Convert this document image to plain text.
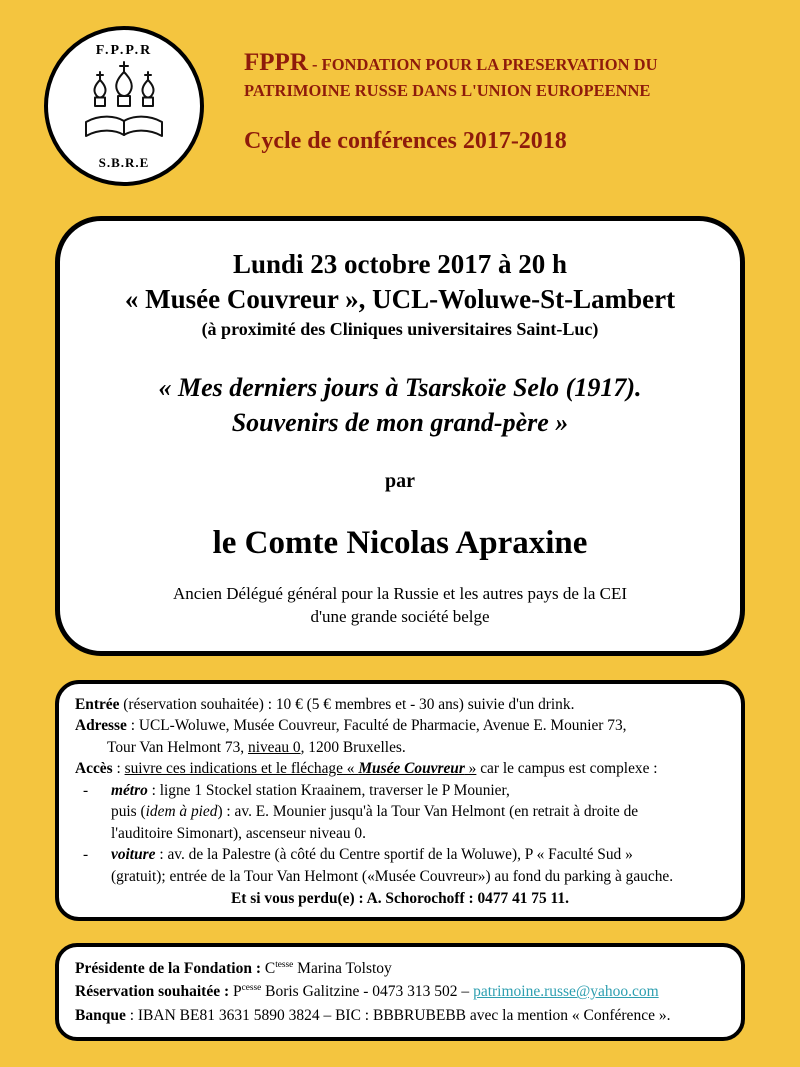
F.P.P.R
S.B.R.E
FPPR - FONDATION POUR LA PRESERVATION DU
PATRIMOINE RUSSE DANS L'UNION EUROPEENNE
Cycle de conférences 2017-2018
Lundi 23 octobre 2017 à 20 h
« Musée Couvreur », UCL-Woluwe-St-Lambert
(à proximité des Cliniques universitaires Saint-Luc)
« Mes derniers jours à Tsarskoïe Selo (1917).
Souvenirs de mon grand-père »
par
le Comte Nicolas Apraxine
Ancien Délégué général pour la Russie et les autres pays de la CEI
d'une grande société belge
Entrée (réservation souhaitée) : 10 € (5 € membres et - 30 ans) suivie d'un drink.
Adresse : UCL-Woluwe, Musée Couvreur, Faculté de Pharmacie, Avenue E. Mounier 73,
Tour Van Helmont 73, niveau 0, 1200 Bruxelles.
Accès : suivre ces indications et le fléchage « Musée Couvreur » car le campus est complexe :
- métro : ligne 1 Stockel station Kraainem, traverser le P Mounier,
puis (idem à pied) : av. E. Mounier jusqu'à la Tour Van Helmont (en retrait à droite de
l'auditoire Simonart), ascenseur niveau 0.
- voiture : av. de la Palestre (à côté du Centre sportif de la Woluwe), P « Faculté Sud »
(gratuit); entrée de la Tour Van Helmont («Musée Couvreur») au fond du parking à gauche.
Et si vous perdu(e) : A. Schorochoff : 0477 41 75 11.
Présidente de la Fondation : $C^{tesse}$ Marina Tolstoy
Réservation souhaitée : $P^{cesse}$ Boris Galitzine - 0473 313 502 – patrimoine.russe@yahoo.com
Banque : IBAN BE81 3631 5890 3824 – BIC : BBBRUBEBB avec la mention « Conférence ».
